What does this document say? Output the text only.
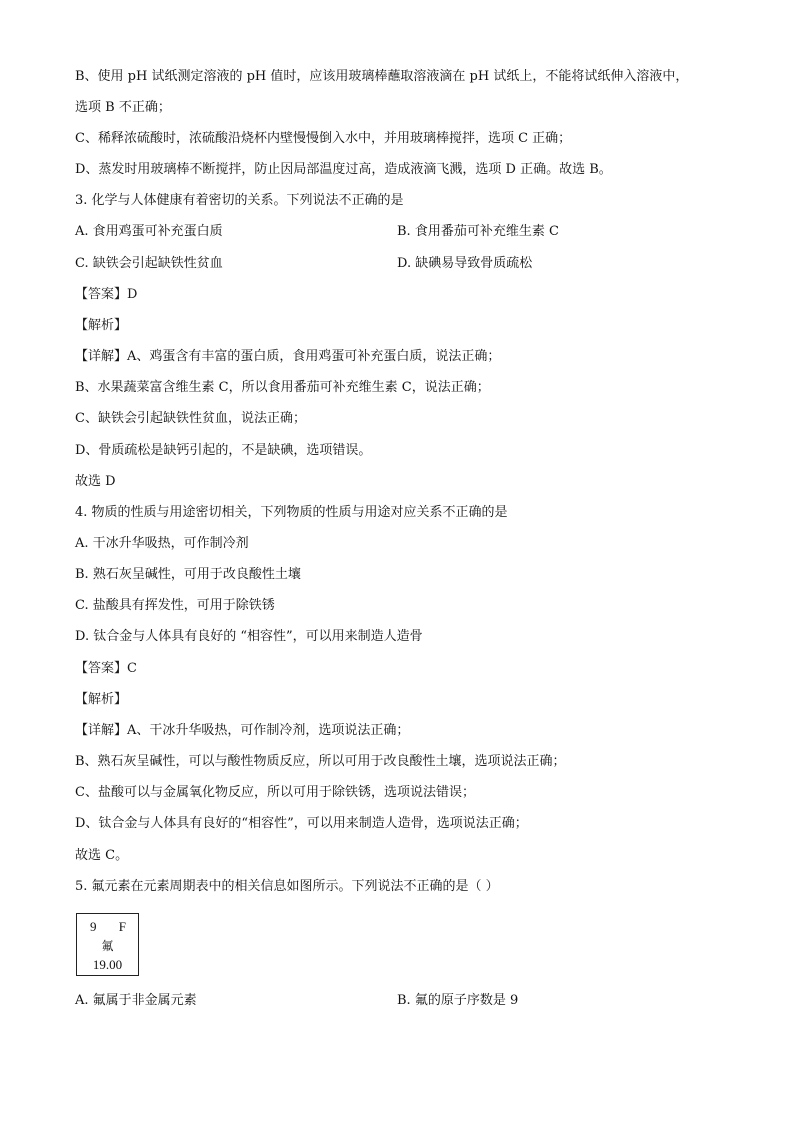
B、使用 pH 试纸测定溶液的 pH 值时，应该用玻璃棒蘸取溶液滴在 pH 试纸上，不能将试纸伸入溶液中，
选项 B 不正确；
C、稀释浓硫酸时，浓硫酸沿烧杯内壁慢慢倒入水中，并用玻璃棒搅拌，选项 C 正确；
D、蒸发时用玻璃棒不断搅拌，防止因局部温度过高，造成液滴飞溅，选项 D 正确。故选 B。
3. 化学与人体健康有着密切的关系。下列说法不正确的是
A. 食用鸡蛋可补充蛋白质	B. 食用番茄可补充维生素 C
C. 缺铁会引起缺铁性贫血	D. 缺碘易导致骨质疏松
【答案】D
【解析】
【详解】A、鸡蛋含有丰富的蛋白质，食用鸡蛋可补充蛋白质，说法正确；
B、水果蔬菜富含维生素 C，所以食用番茄可补充维生素 C，说法正确；
C、缺铁会引起缺铁性贫血，说法正确；
D、骨质疏松是缺钙引起的，不是缺碘，选项错误。
故选 D
4. 物质的性质与用途密切相关，下列物质的性质与用途对应关系不正确的是
A. 干冰升华吸热，可作制冷剂
B. 熟石灰呈碱性，可用于改良酸性土壤
C. 盐酸具有挥发性，可用于除铁锈
D. 钛合金与人体具有良好的 “相容性”，可以用来制造人造骨
【答案】C
【解析】
【详解】A、干冰升华吸热，可作制冷剂，选项说法正确；
B、熟石灰呈碱性，可以与酸性物质反应，所以可用于改良酸性土壤，选项说法正确；
C、盐酸可以与金属氧化物反应，所以可用于除铁锈，选项说法错误；
D、钛合金与人体具有良好的“相容性”，可以用来制造人造骨，选项说法正确；
故选 C。
5. 氟元素在元素周期表中的相关信息如图所示。下列说法不正确的是（ ）
9 F
氟
19.00
A. 氟属于非金属元素	B. 氟的原子序数是 9
